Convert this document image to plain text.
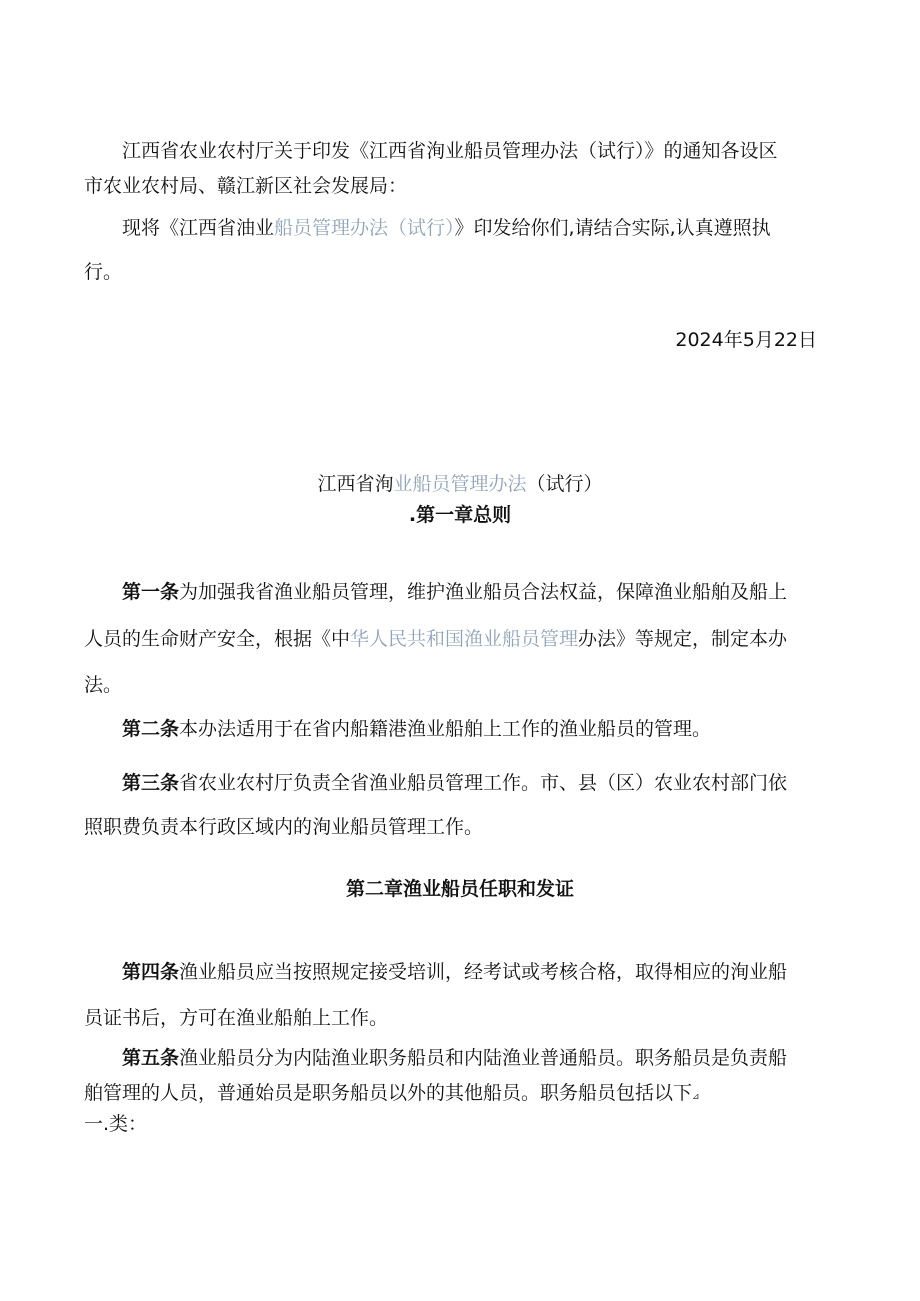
江西省农业农村厅关于印发《江西省洵业船员管理办法（试行）》的通知各设区
市农业农村局、赣江新区社会发展局：
现将《江西省油业船员管理办法（试行）》印发给你们,请结合实际,认真遵照执
行。
2024年5月22日
江西省洵业船员管理办法（试行）
.第一章总则
第一条为加强我省渔业船员管理，维护渔业船员合法权益，保障渔业船舶及船上
人员的生命财产安全，根据《中华人民共和国渔业船员管理办法》等规定，制定本办
法。
第二条本办法适用于在省内船籍港渔业船舶上工作的渔业船员的管理。
第三条省农业农村厅负责全省渔业船员管理工作。市、县（区）农业农村部门依
照职费负责本行政区域内的洵业船员管理工作。
第二章渔业船员任职和发证
第四条渔业船员应当按照规定接受培训，经考试或考核合格，取得相应的洵业船
员证书后，方可在渔业船舶上工作。
第五条渔业船员分为内陆渔业职务船员和内陆渔业普通船员。职务船员是负责船
舶管理的人员，普通始员是职务船员以外的其他船员。职务船员包括以下⊿
一.类：
